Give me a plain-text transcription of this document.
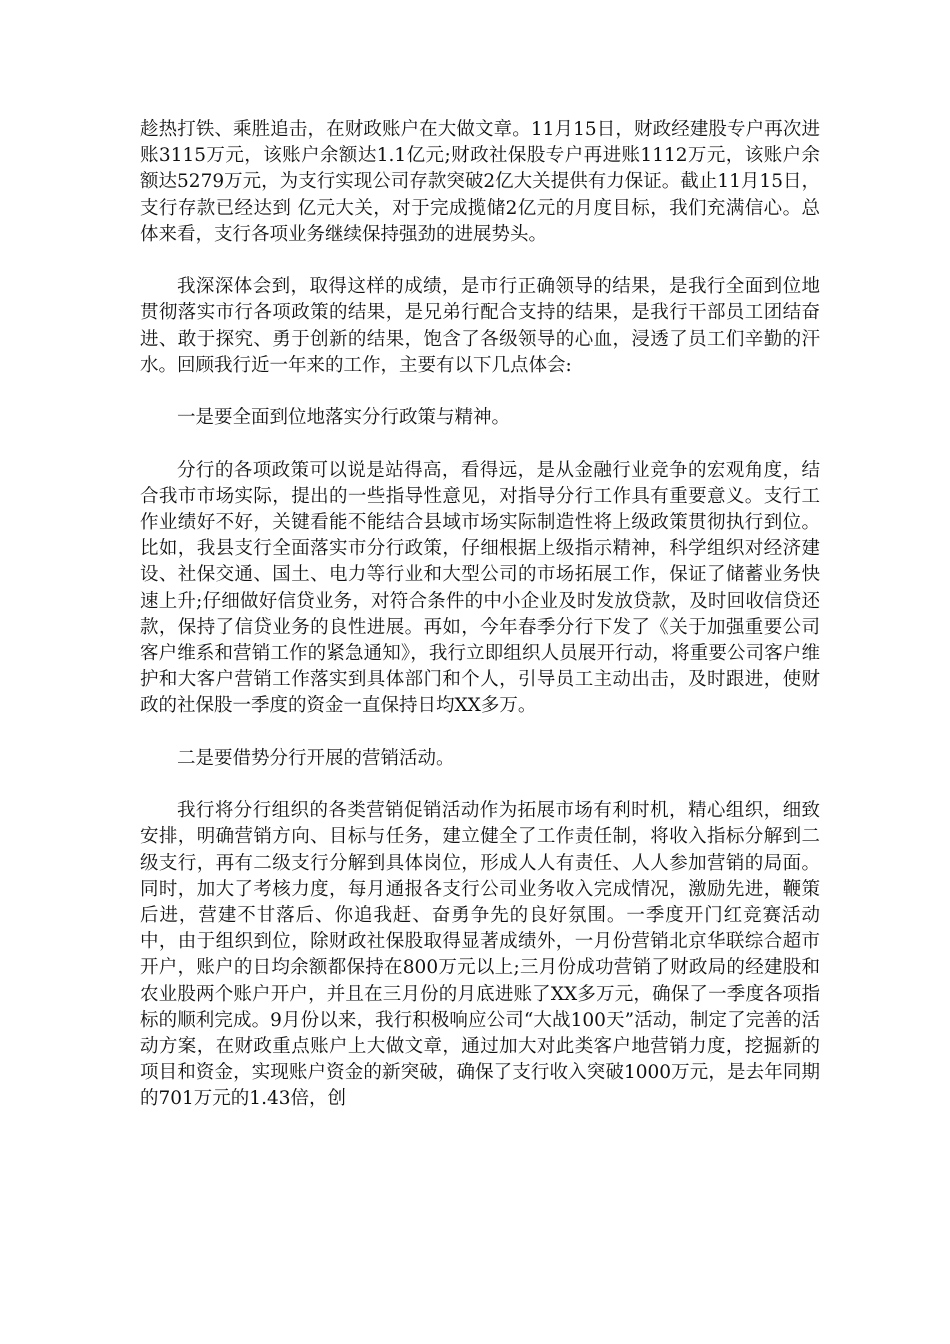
趁热打铁、乘胜追击，在财政账户在大做文章。11月15日，财政经建股专户再次进账3115万元，该账户余额达1.1亿元;财政社保股专户再进账1112万元，该账户余额达5279万元，为支行实现公司存款突破2亿大关提供有力保证。截止11月15日，支行存款已经达到 亿元大关，对于完成揽储2亿元的月度目标，我们充满信心。总体来看，支行各项业务继续保持强劲的进展势头。

我深深体会到，取得这样的成绩，是市行正确领导的结果，是我行全面到位地贯彻落实市行各项政策的结果，是兄弟行配合支持的结果，是我行干部员工团结奋进、敢于探究、勇于创新的结果，饱含了各级领导的心血，浸透了员工们辛勤的汗水。回顾我行近一年来的工作，主要有以下几点体会:

一是要全面到位地落实分行政策与精神。

分行的各项政策可以说是站得高，看得远，是从金融行业竞争的宏观角度，结合我市市场实际，提出的一些指导性意见，对指导分行工作具有重要意义。支行工作业绩好不好，关键看能不能结合县域市场实际制造性将上级政策贯彻执行到位。比如，我县支行全面落实市分行政策，仔细根据上级指示精神，科学组织对经济建设、社保交通、国土、电力等行业和大型公司的市场拓展工作，保证了储蓄业务快速上升;仔细做好信贷业务，对符合条件的中小企业及时发放贷款，及时回收信贷还款，保持了信贷业务的良性进展。再如，今年春季分行下发了《关于加强重要公司客户维系和营销工作的紧急通知》，我行立即组织人员展开行动，将重要公司客户维护和大客户营销工作落实到具体部门和个人，引导员工主动出击，及时跟进，使财政的社保股一季度的资金一直保持日均XX多万。

二是要借势分行开展的营销活动。

我行将分行组织的各类营销促销活动作为拓展市场有利时机，精心组织，细致安排，明确营销方向、目标与任务，建立健全了工作责任制，将收入指标分解到二级支行，再有二级支行分解到具体岗位，形成人人有责任、人人参加营销的局面。同时，加大了考核力度，每月通报各支行公司业务收入完成情况，激励先进，鞭策后进，营建不甘落后、你追我赶、奋勇争先的良好氛围。一季度开门红竞赛活动中，由于组织到位，除财政社保股取得显著成绩外，一月份营销北京华联综合超市开户，账户的日均余额都保持在800万元以上;三月份成功营销了财政局的经建股和农业股两个账户开户，并且在三月份的月底进账了XX多万元，确保了一季度各项指标的顺利完成。9月份以来，我行积极响应公司“大战100天”活动，制定了完善的活动方案，在财政重点账户上大做文章，通过加大对此类客户地营销力度，挖掘新的项目和资金，实现账户资金的新突破，确保了支行收入突破1000万元，是去年同期的701万元的1.43倍，创
